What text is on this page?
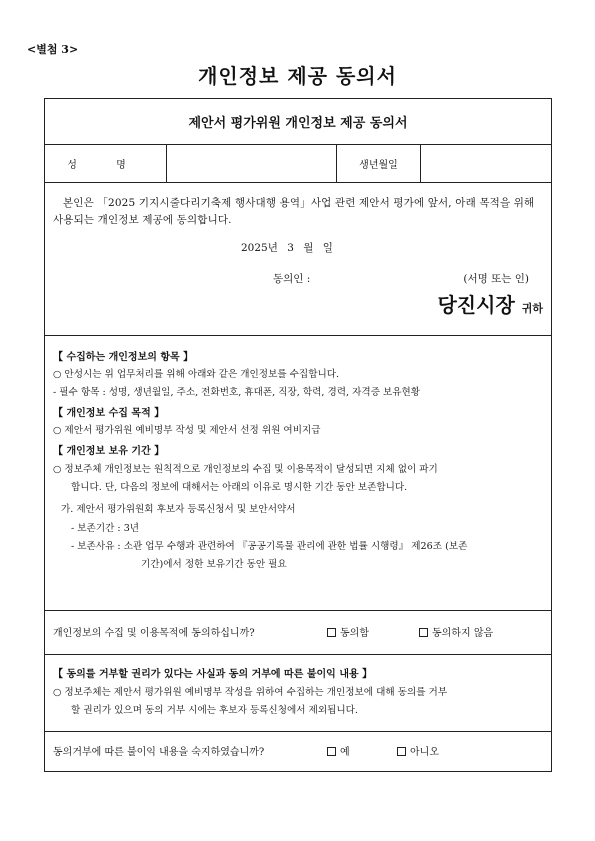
<별첨 3>
개인정보 제공 동의서
제안서 평가위원 개인정보 제공 동의서
성 명	생년월일

본인은 「2025 기지시줄다리기축제 행사대행 용역」사업 관련 제안서 평가에 앞서, 아래 목적을 위해 사용되는 개인정보 제공에 동의합니다.

2025년 3 월 일

동의인 :	(서명 또는 인)

당진시장 귀하

【 수집하는 개인정보의 항목 】
○ 안성시는 위 업무처리를 위해 아래와 같은 개인정보를 수집합니다.
- 필수 항목 : 성명, 생년월일, 주소, 전화번호, 휴대폰, 직장, 학력, 경력, 자격증 보유현황
【 개인정보 수집 목적 】
○ 제안서 평가위원 예비명부 작성 및 제안서 선정 위원 여비지급
【 개인정보 보유 기간 】
○ 정보주체 개인정보는 원칙적으로 개인정보의 수집 및 이용목적이 달성되면 지체 없이 파기
합니다. 단, 다음의 정보에 대해서는 아래의 이유로 명시한 기간 동안 보존합니다.
가. 제안서 평가위원회 후보자 등록신청서 및 보안서약서
- 보존기간 : 3년
- 보존사유 : 소관 업무 수행과 관련하여 『공공기록물 관리에 관한 법률 시행령』 제26조 (보존
기간)에서 정한 보유기간 동안 필요
개인정보의 수집 및 이용목적에 동의하십니까?	동의함	동의하지 않음
【 동의를 거부할 권리가 있다는 사실과 동의 거부에 따른 불이익 내용 】
○ 정보주체는 제안서 평가위원 예비명부 작성을 위하여 수집하는 개인정보에 대해 동의를 거부
할 권리가 있으며 동의 거부 시에는 후보자 등록신청에서 제외됩니다.
동의거부에 따른 불이익 내용을 숙지하였습니까?	예	아니오
